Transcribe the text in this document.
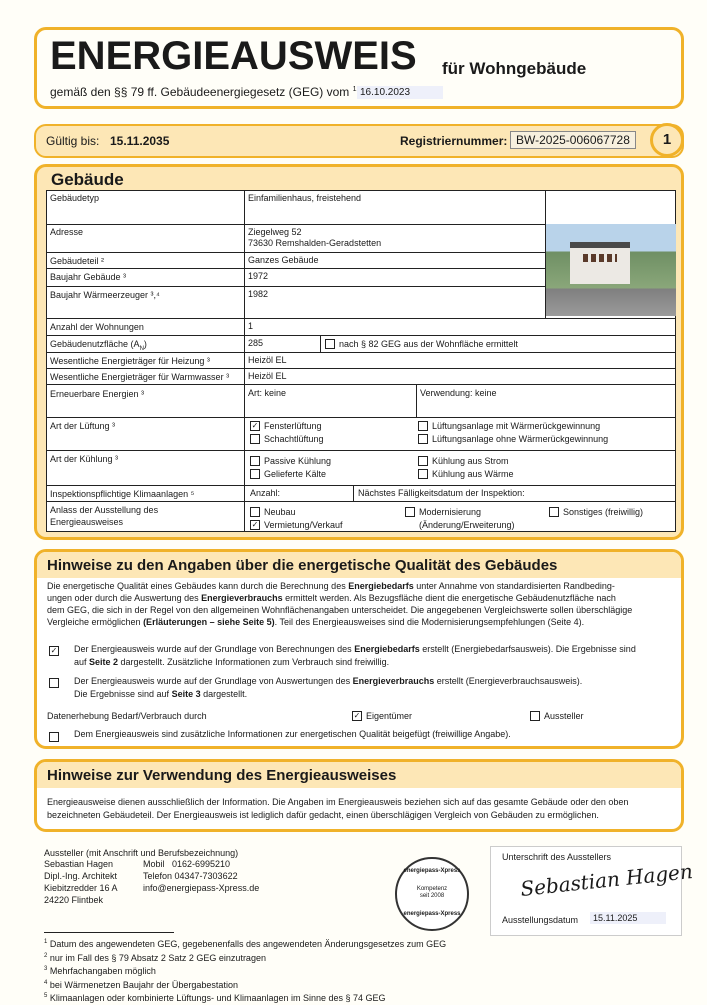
ENERGIEAUSWEIS für Wohngebäude
gemäß den §§ 79 ff. Gebäudeenergiegesetz (GEG) vom $^1$ 16.10.2023
Gültig bis: 15.11.2035	Registriernummer: BW-2025-006067728	1
Gebäude
Gebäudetyp	Einfamilienhaus, freistehend
Adresse	Ziegelweg 52
73630 Remshalden-Geradstetten
Gebäudeteil ²	Ganzes Gebäude
Baujahr Gebäude ³	1972
Baujahr Wärmeerzeuger ³,⁴	1982
Anzahl der Wohnungen	1
Gebäudenutzfläche $(A_N)$	285	nach § 82 GEG aus der Wohnfläche ermittelt
Wesentliche Energieträger für Heizung ³	Heizöl EL
Wesentliche Energieträger für Warmwasser ³ Heizöl EL
Erneuerbare Energien ³	Art: keine	Verwendung: keine
Art der Lüftung ³	✓ Fensterlüftung
Schachtlüftung
Lüftungsanlage mit Wärmerückgewinnung
Lüftungsanlage ohne Wärmerückgewinnung
Art der Kühlung ³	Passive Kühlung
Gelieferte Kälte
Kühlung aus Strom
Kühlung aus Wärme
Inspektionspflichtige Klimaanlagen ⁵	Anzahl:	Nächstes Fälligkeitsdatum der Inspektion:
Anlass der Ausstellung des
Energieausweises
Neubau
✓ Vermietung/Verkauf
Modernisierung
(Änderung/Erweiterung)
Sonstiges (freiwillig)
Hinweise zu den Angaben über die energetische Qualität des Gebäudes
Die energetische Qualität eines Gebäudes kann durch die Berechnung des Energiebedarfs unter Annahme von standardisierten Randbeding-
ungen oder durch die Auswertung des Energieverbrauchs ermittelt werden. Als Bezugsfläche dient die energetische Gebäudenutzfläche nach
dem GEG, die sich in der Regel von den allgemeinen Wohnflächenangaben unterscheidet. Die angegebenen Vergleichswerte sollen überschlägige
Vergleiche ermöglichen (Erläuterungen – siehe Seite 5). Teil des Energieausweises sind die Modernisierungsempfehlungen (Seite 4).
✓	Der Energieausweis wurde auf der Grundlage von Berechnungen des Energiebedarfs erstellt (Energiebedarfsausweis). Die Ergebnisse sind
auf Seite 2 dargestellt. Zusätzliche Informationen zum Verbrauch sind freiwillig.
Der Energieausweis wurde auf der Grundlage von Auswertungen des Energieverbrauchs erstellt (Energieverbrauchsausweis).
Die Ergebnisse sind auf Seite 3 dargestellt.
Datenerhebung Bedarf/Verbrauch durch	✓ Eigentümer	Aussteller
Dem Energieausweis sind zusätzliche Informationen zur energetischen Qualität beigefügt (freiwillige Angabe).
Hinweise zur Verwendung des Energieausweises
Energieausweise dienen ausschließlich der Information. Die Angaben im Energieausweis beziehen sich auf das gesamte Gebäude oder den oben
bezeichneten Gebäudeteil. Der Energieausweis ist lediglich dafür gedacht, einen überschlägigen Vergleich von Gebäuden zu ermöglichen.
Aussteller (mit Anschrift und Berufsbezeichnung)
Sebastian Hagen
Dipl.-Ing. Architekt
Kiebitzredder 16 A
24220 Flintbek
Mobil   0162-6995210
Telefon 04347-7303622
info@energiepass-Xpress.de
energiepass-Xpress
Kompetenz
seit 2008
energiepass-Xpress
Unterschrift des Ausstellers
Sebastian Hagen
Ausstellungsdatum	15.11.2025
$^1$ Datum des angewendeten GEG, gegebenenfalls des angewendeten Änderungsgesetzes zum GEG
$^2$ nur im Fall des § 79 Absatz 2 Satz 2 GEG einzutragen
$^3$ Mehrfachangaben möglich
$^4$ bei Wärmenetzen Baujahr der Übergabestation
$^5$ Klimaanlagen oder kombinierte Lüftungs- und Klimaanlagen im Sinne des § 74 GEG
